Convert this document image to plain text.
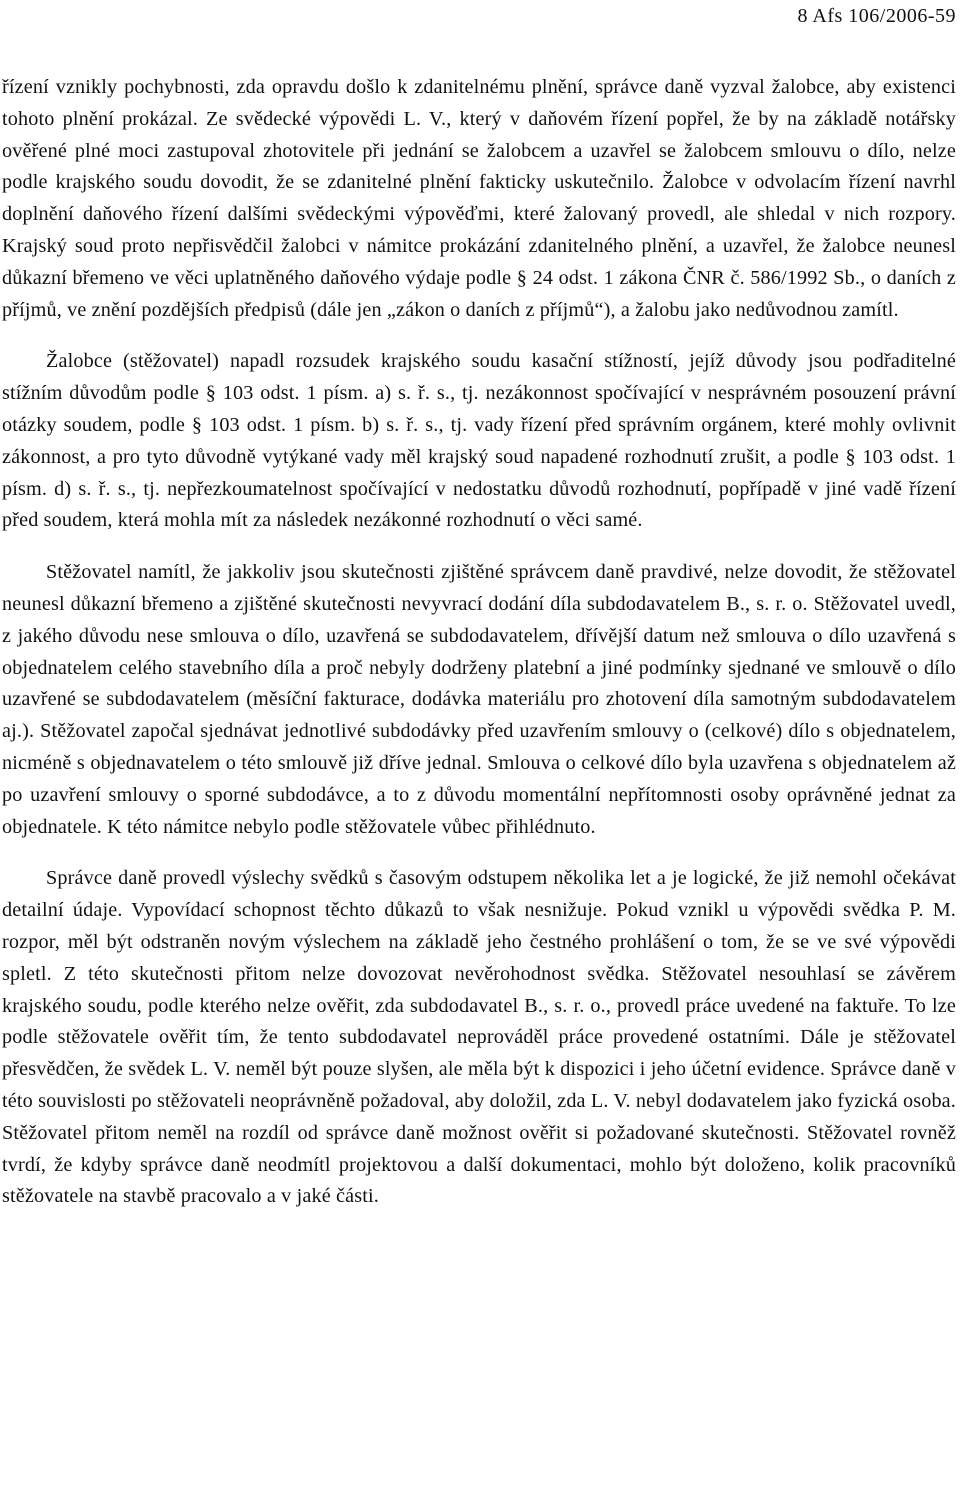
8 Afs 106/2006-59

řízení vznikly pochybnosti, zda opravdu došlo k zdanitelnému plnění, správce daně vyzval žalobce, aby existenci tohoto plnění prokázal. Ze svědecké výpovědi L. V., který v daňovém řízení popřel, že by na základě notářsky ověřené plné moci zastupoval zhotovitele při jednání se žalobcem a uzavřel se žalobcem smlouvu o dílo, nelze podle krajského soudu dovodit, že se zdanitelné plnění fakticky uskutečnilo. Žalobce v odvolacím řízení navrhl doplnění daňového řízení dalšími svědeckými výpověďmi, které žalovaný provedl, ale shledal v nich rozpory. Krajský soud proto nepřisvědčil žalobci v námitce prokázání zdanitelného plnění, a uzavřel, že žalobce neunesl důkazní břemeno ve věci uplatněného daňového výdaje podle § 24 odst. 1 zákona ČNR č. 586/1992 Sb., o daních z příjmů, ve znění pozdějších předpisů (dále jen „zákon o daních z příjmů“), a žalobu jako nedůvodnou zamítl.

Žalobce (stěžovatel) napadl rozsudek krajského soudu kasační stížností, jejíž důvody jsou podřaditelné stížním důvodům podle § 103 odst. 1 písm. a) s. ř. s., tj. nezákonnost spočívající v nesprávném posouzení právní otázky soudem, podle § 103 odst. 1 písm. b) s. ř. s., tj. vady řízení před správním orgánem, které mohly ovlivnit zákonnost, a pro tyto důvodně vytýkané vady měl krajský soud napadené rozhodnutí zrušit, a podle § 103 odst. 1 písm. d) s. ř. s., tj. nepřezkoumatelnost spočívající v nedostatku důvodů rozhodnutí, popřípadě v jiné vadě řízení před soudem, která mohla mít za následek nezákonné rozhodnutí o věci samé.

Stěžovatel namítl, že jakkoliv jsou skutečnosti zjištěné správcem daně pravdivé, nelze dovodit, že stěžovatel neunesl důkazní břemeno a zjištěné skutečnosti nevyvrací dodání díla subdodavatelem B., s. r. o. Stěžovatel uvedl, z jakého důvodu nese smlouva o dílo, uzavřená se subdodavatelem, dřívější datum než smlouva o dílo uzavřená s objednatelem celého stavebního díla a proč nebyly dodrženy platební a jiné podmínky sjednané ve smlouvě o dílo uzavřené se subdodavatelem (měsíční fakturace, dodávka materiálu pro zhotovení díla samotným subdodavatelem aj.). Stěžovatel započal sjednávat jednotlivé subdodávky před uzavřením smlouvy o (celkové) dílo s objednatelem, nicméně s objednavatelem o této smlouvě již dříve jednal. Smlouva o celkové dílo byla uzavřena s objednatelem až po uzavření smlouvy o sporné subdodávce, a to z důvodu momentální nepřítomnosti osoby oprávněné jednat za objednatele. K této námitce nebylo podle stěžovatele vůbec přihlédnuto.

Správce daně provedl výslechy svědků s časovým odstupem několika let a je logické, že již nemohl očekávat detailní údaje. Vypovídací schopnost těchto důkazů to však nesnižuje. Pokud vznikl u výpovědi svědka P. M. rozpor, měl být odstraněn novým výslechem na základě jeho čestného prohlášení o tom, že se ve své výpovědi spletl. Z této skutečnosti přitom nelze dovozovat nevěrohodnost svědka. Stěžovatel nesouhlasí se závěrem krajského soudu, podle kterého nelze ověřit, zda subdodavatel B., s. r. o., provedl práce uvedené na faktuře. To lze podle stěžovatele ověřit tím, že tento subdodavatel neprováděl práce provedené ostatními. Dále je stěžovatel přesvědčen, že svědek L. V. neměl být pouze slyšen, ale měla být k dispozici i jeho účetní evidence. Správce daně v této souvislosti po stěžovateli neoprávněně požadoval, aby doložil, zda L. V. nebyl dodavatelem jako fyzická osoba. Stěžovatel přitom neměl na rozdíl od správce daně možnost ověřit si požadované skutečnosti. Stěžovatel rovněž tvrdí, že kdyby správce daně neodmítl projektovou a další dokumentaci, mohlo být doloženo, kolik pracovníků stěžovatele na stavbě pracovalo a v jaké části.
